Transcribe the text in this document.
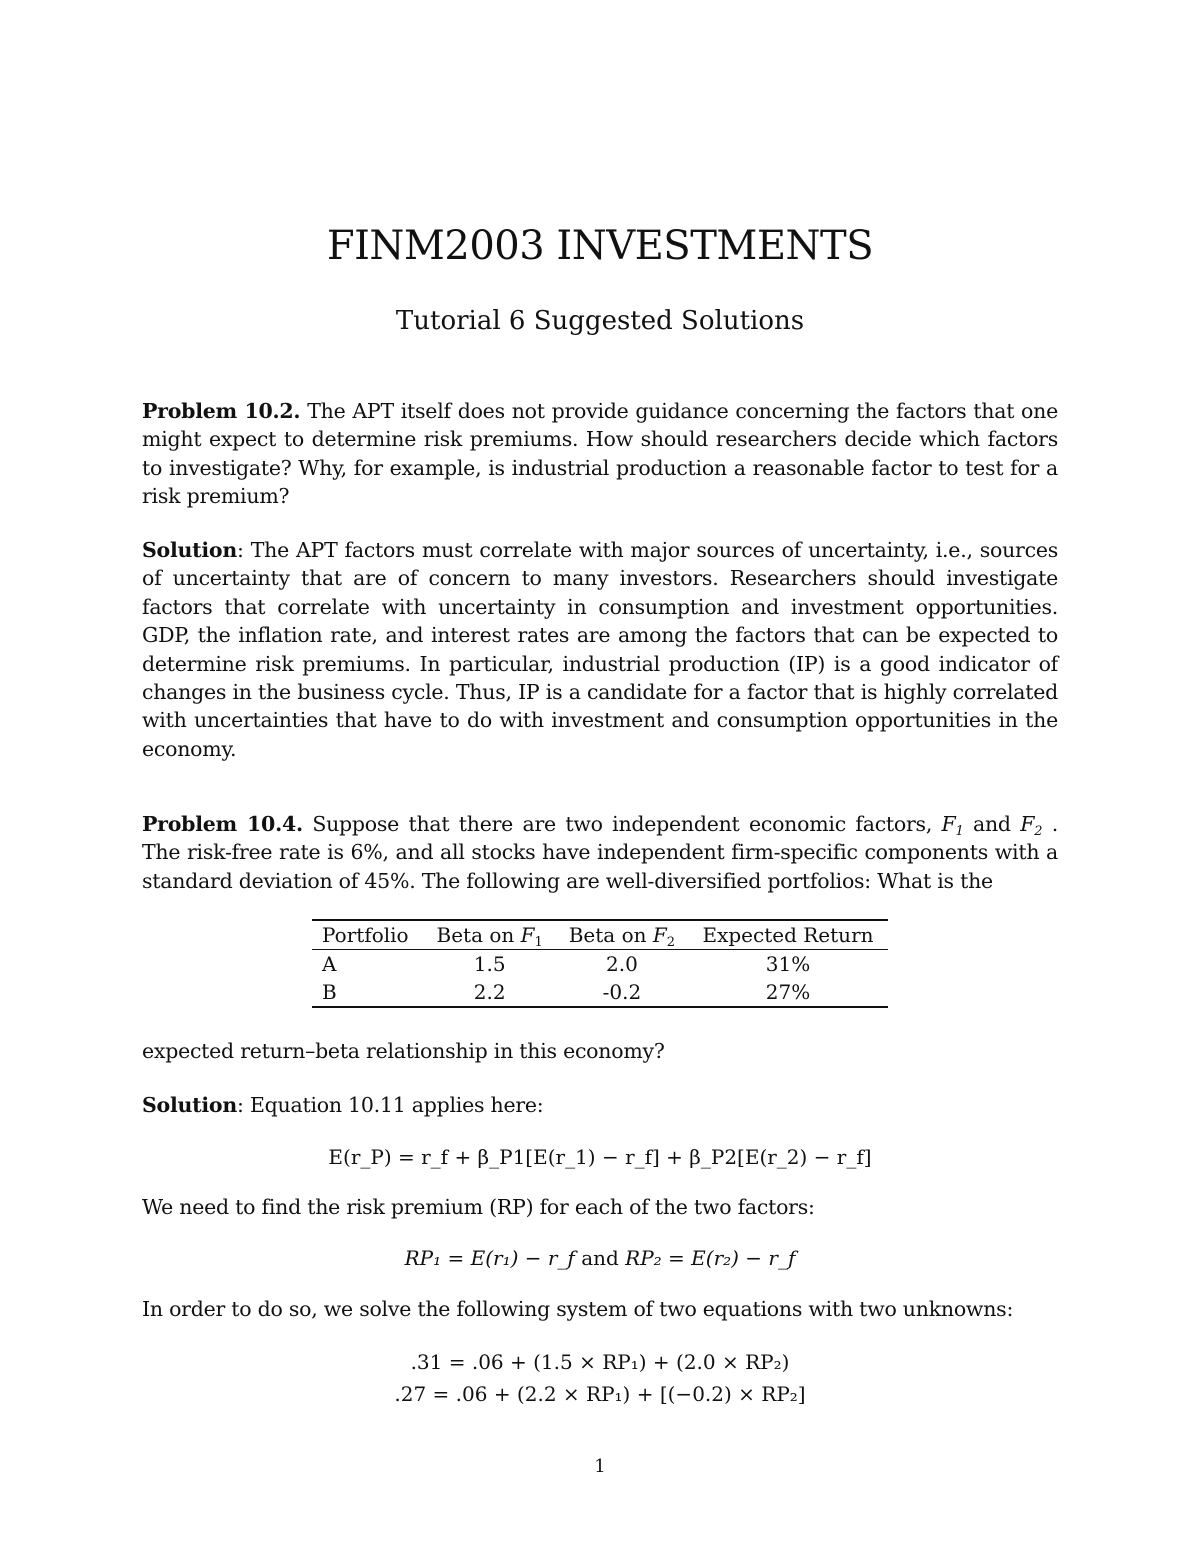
FINM2003 INVESTMENTS
Tutorial 6 Suggested Solutions

Problem 10.2. The APT itself does not provide guidance concerning the factors that one might expect to determine risk premiums. How should researchers decide which factors to investigate? Why, for example, is industrial production a reasonable factor to test for a risk premium?

Solution: The APT factors must correlate with major sources of uncertainty, i.e., sources of uncertainty that are of concern to many investors. Researchers should investigate factors that correlate with uncertainty in consumption and investment opportunities. GDP, the inflation rate, and interest rates are among the factors that can be expected to determine risk premiums. In particular, industrial production (IP) is a good indicator of changes in the business cycle. Thus, IP is a candidate for a factor that is highly correlated with uncertainties that have to do with investment and consumption opportunities in the economy.

Problem 10.4. Suppose that there are two independent economic factors, $F_1$ and $F_2$ . The risk-free rate is 6%, and all stocks have independent firm-specific components with a standard deviation of 45%. The following are well-diversified portfolios: What is the

Portfolio	Beta on $F_1$	Beta on $F_2$	Expected Return
A	1.5	2.0	31%
B	2.2	-0.2	27%

expected return–beta relationship in this economy?

Solution: Equation 10.11 applies here:

E(r_P) = r_f + β_P1[E(r_1) − r_f] + β_P2[E(r_2) − r_f]

We need to find the risk premium (RP) for each of the two factors:

RP₁ = E(r₁) − r_f and RP₂ = E(r₂) − r_f

In order to do so, we solve the following system of two equations with two unknowns:

.31 = .06 + (1.5 × RP₁) + (2.0 × RP₂)
.27 = .06 + (2.2 × RP₁) + [(−0.2) × RP₂]
1
